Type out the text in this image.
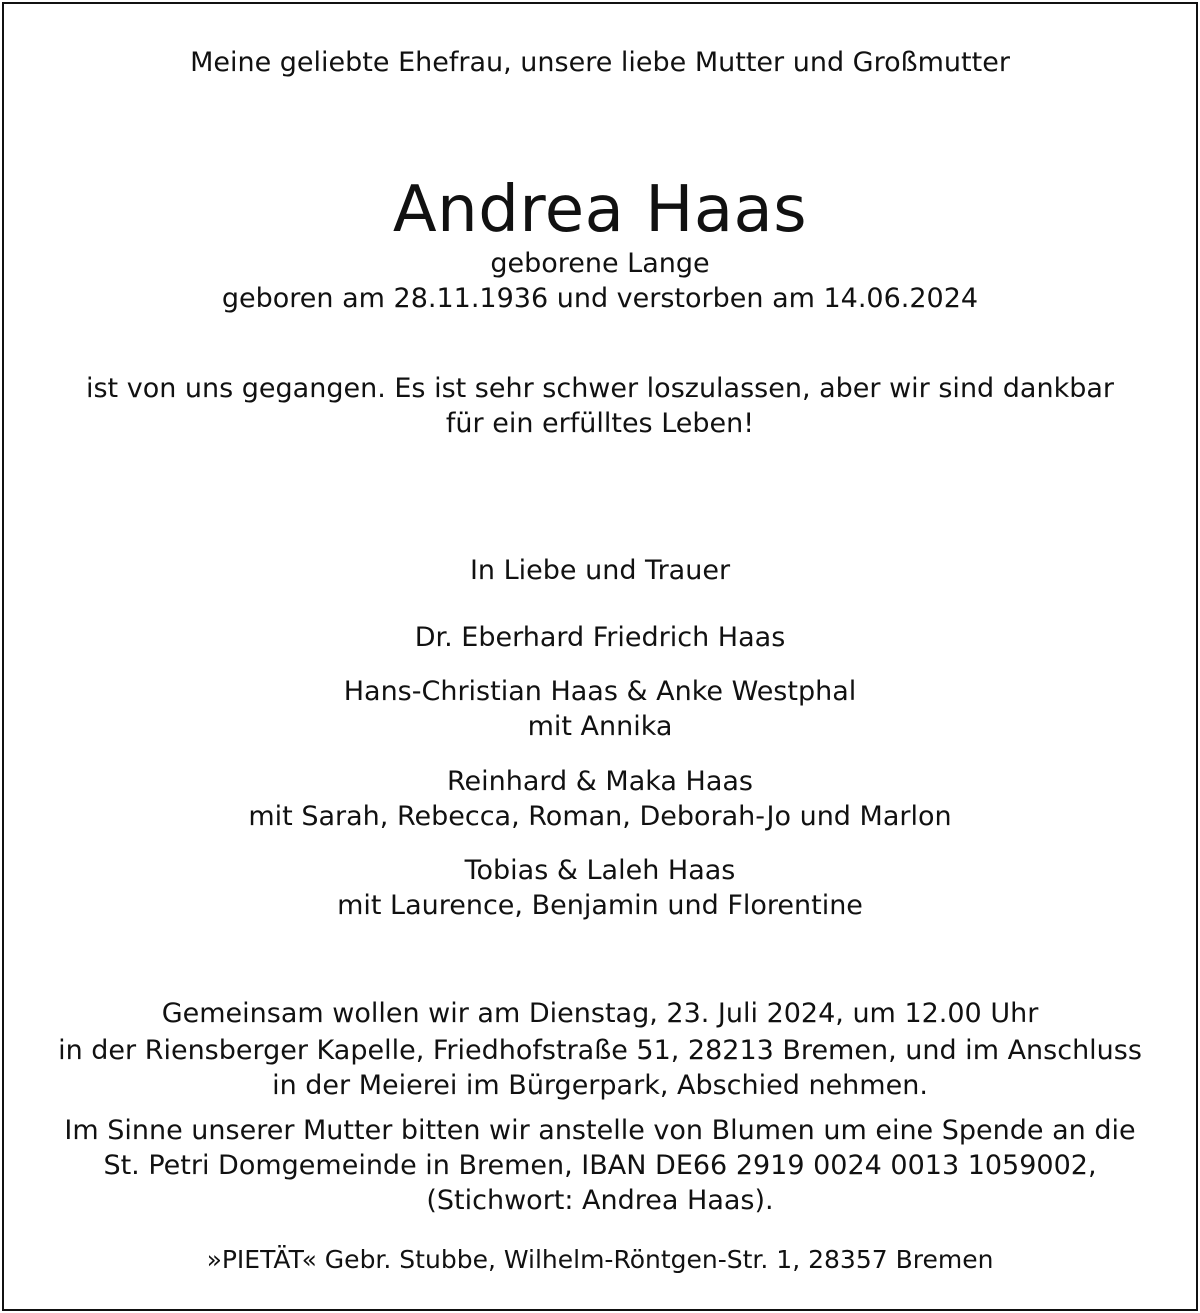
Meine geliebte Ehefrau, unsere liebe Mutter und Großmutter
Andrea Haas
geborene Lange
geboren am 28.11.1936 und verstorben am 14.06.2024
ist von uns gegangen. Es ist sehr schwer loszulassen, aber wir sind dankbar
für ein erfülltes Leben!
In Liebe und Trauer
Dr. Eberhard Friedrich Haas
Hans-Christian Haas & Anke Westphal
mit Annika
Reinhard & Maka Haas
mit Sarah, Rebecca, Roman, Deborah-Jo und Marlon
Tobias & Laleh Haas
mit Laurence, Benjamin und Florentine
Gemeinsam wollen wir am Dienstag, 23. Juli 2024, um 12.00 Uhr
in der Riensberger Kapelle, Friedhofstraße 51, 28213 Bremen, und im Anschluss
in der Meierei im Bürgerpark, Abschied nehmen.
Im Sinne unserer Mutter bitten wir anstelle von Blumen um eine Spende an die
St. Petri Domgemeinde in Bremen, IBAN DE66 2919 0024 0013 1059002,
(Stichwort: Andrea Haas).
»PIETÄT« Gebr. Stubbe, Wilhelm-Röntgen-Str. 1, 28357 Bremen
